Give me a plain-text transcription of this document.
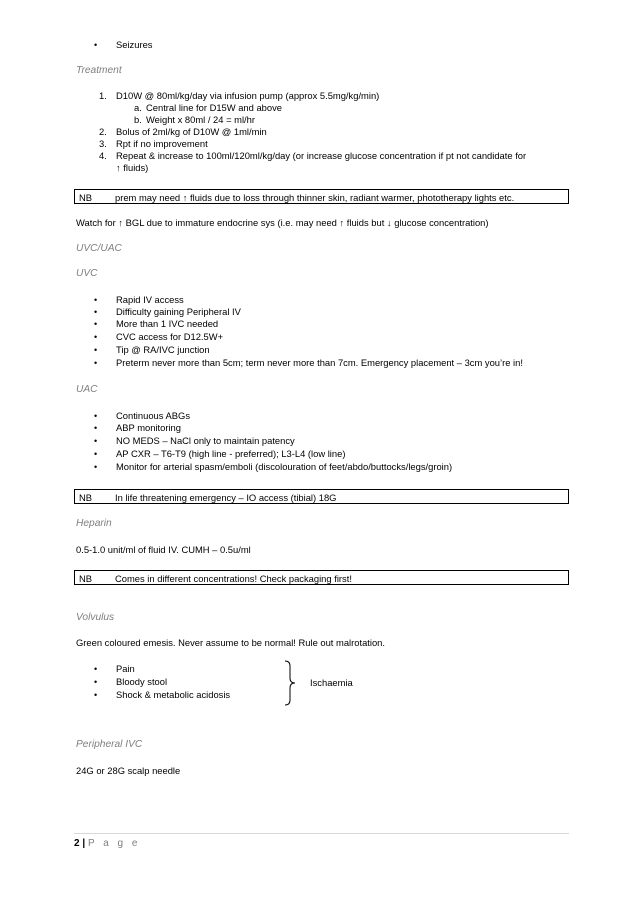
• Seizures
Treatment
1. D10W @ 80ml/kg/day via infusion pump (approx 5.5mg/kg/min)
a. Central line for D15W and above
b. Weight x 80ml / 24 = ml/hr
2. Bolus of 2ml/kg of D10W @ 1ml/min
3. Rpt if no improvement
4. Repeat & increase to 100ml/120ml/kg/day (or increase glucose concentration if pt not candidate for
↑ fluids)
NB prem may need ↑ fluids due to loss through thinner skin, radiant warmer, phototherapy lights etc.
Watch for ↑ BGL due to immature endocrine sys (i.e. may need ↑ fluids but ↓ glucose concentration)
UVC/UAC
UVC
• Rapid IV access
• Difficulty gaining Peripheral IV
• More than 1 IVC needed
• CVC access for D12.5W+
• Tip @ RA/IVC junction
• Preterm never more than 5cm; term never more than 7cm. Emergency placement – 3cm you’re in!
UAC
• Continuous ABGs
• ABP monitoring
• NO MEDS – NaCl only to maintain patency
• AP CXR – T6-T9 (high line - preferred); L3-L4 (low line)
• Monitor for arterial spasm/emboli (discolouration of feet/abdo/buttocks/legs/groin)
NB In life threatening emergency – IO access (tibial) 18G
Heparin
0.5-1.0 unit/ml of fluid IV. CUMH – 0.5u/ml
NB Comes in different concentrations! Check packaging first!
Volvulus
Green coloured emesis. Never assume to be normal! Rule out malrotation.
• Pain
• Bloody stool
• Shock & metabolic acidosis
Ischaemia
Peripheral IVC
24G or 28G scalp needle
2 | P a g e
